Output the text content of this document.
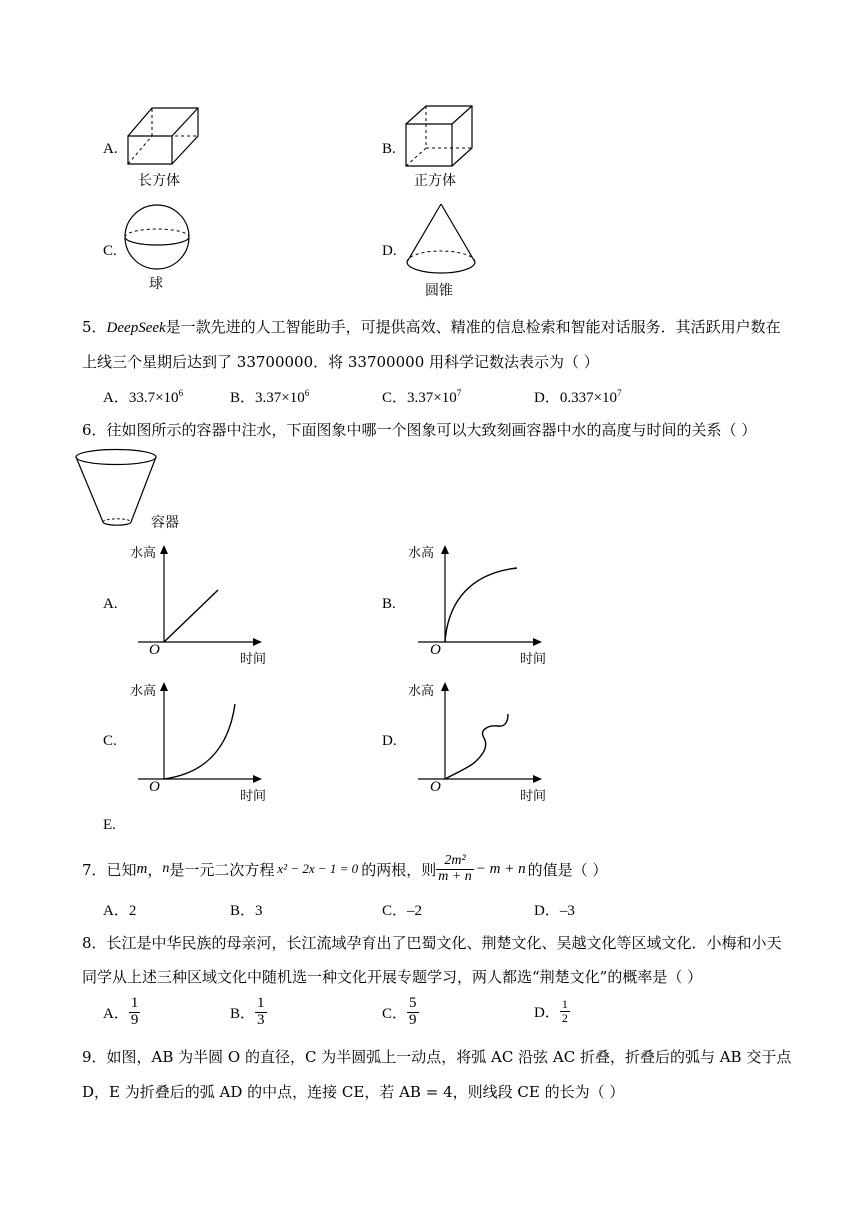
A.
长方体
B.
正方体
C.
球
D.
圆锥
5．DeepSeek是一款先进的人工智能助手，可提供高效、精准的信息检索和智能对话服务．其活跃用户数在
上线三个星期后达到了 33700000．将 33700000 用科学记数法表示为（ ）
A．$33.7\times 10^6$	B．$3.37\times 10^6$	C．$3.37\times 10^7$	D．$0.337\times 10^7$
6．往如图所示的容器中注水，下面图象中哪一个图象可以大致刻画容器中水的高度与时间的关系（ ）
容器
A.
水高
时间
O
B.
水高
时间
O
C.
水高
时间
O
D.
水高
时间
O
E.
7．已知 m ， n 是一元二次方程 x² − 2x − 1 = 0 的两根，则 $\frac{\text{2m²}}{m + n} - m + n$ 的值是（ ）
A．2	B．3	C．–2	D．–3
8．长江是中华民族的母亲河，长江流域孕育出了巴蜀文化、荆楚文化、吴越文化等区域文化．小梅和小天
同学从上述三种区域文化中随机选一种文化开展专题学习，两人都选“荆楚文化”的概率是（ ）
A． $\frac{1}{9}$	B． $\frac{1}{3}$	C． $\frac{5}{9}$	D． $\frac{1}{2}$
9．如图，AB 为半圆 O 的直径，C 为半圆弧上一动点，将弧 AC 沿弦 AC 折叠，折叠后的弧与 AB 交于点
D，E 为折叠后的弧 AD 的中点，连接 CE，若 AB = 4，则线段 CE 的长为（ ）
